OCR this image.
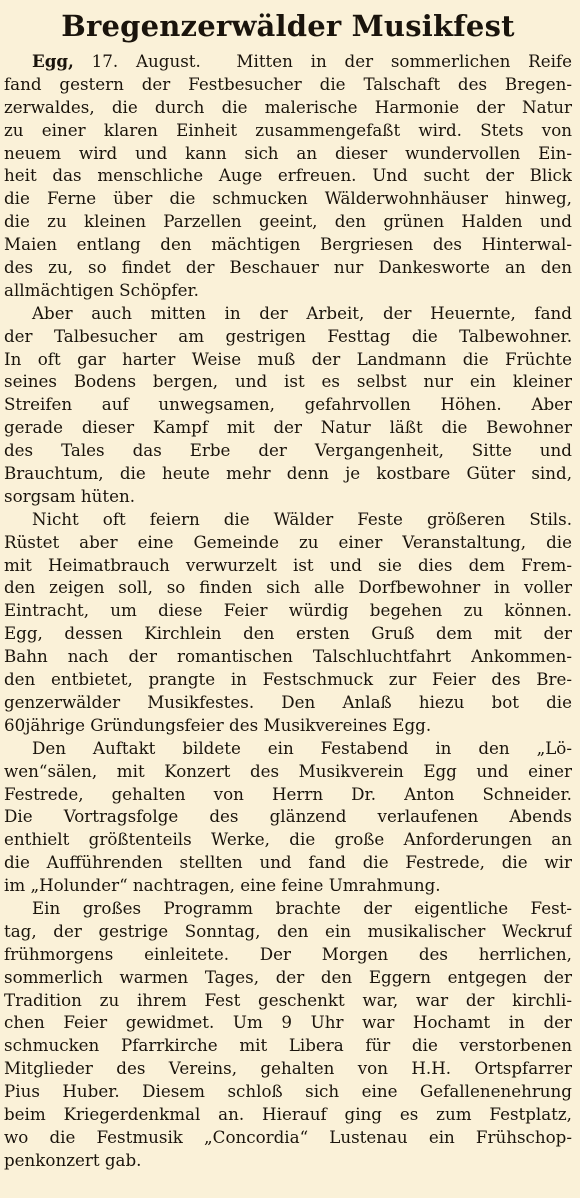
Bregenzerwälder Musikfest
Egg, 17. August. Mitten in der sommerlichen Reife
fand gestern der Festbesucher die Talschaft des Bregen-
zerwaldes, die durch die malerische Harmonie der Natur
zu einer klaren Einheit zusammengefaßt wird. Stets von
neuem wird und kann sich an dieser wundervollen Ein-
heit das menschliche Auge erfreuen. Und sucht der Blick
die Ferne über die schmucken Wälderwohnhäuser hinweg,
die zu kleinen Parzellen geeint, den grünen Halden und
Maien entlang den mächtigen Bergriesen des Hinterwal-
des zu, so findet der Beschauer nur Dankesworte an den
allmächtigen Schöpfer.
Aber auch mitten in der Arbeit, der Heuernte, fand
der Talbesucher am gestrigen Festtag die Talbewohner.
In oft gar harter Weise muß der Landmann die Früchte
seines Bodens bergen, und ist es selbst nur ein kleiner
Streifen auf unwegsamen, gefahrvollen Höhen. Aber
gerade dieser Kampf mit der Natur läßt die Bewohner
des Tales das Erbe der Vergangenheit, Sitte und
Brauchtum, die heute mehr denn je kostbare Güter sind,
sorgsam hüten.
Nicht oft feiern die Wälder Feste größeren Stils.
Rüstet aber eine Gemeinde zu einer Veranstaltung, die
mit Heimatbrauch verwurzelt ist und sie dies dem Frem-
den zeigen soll, so finden sich alle Dorfbewohner in voller
Eintracht, um diese Feier würdig begehen zu können.
Egg, dessen Kirchlein den ersten Gruß dem mit der
Bahn nach der romantischen Talschluchtfahrt Ankommen-
den entbietet, prangte in Festschmuck zur Feier des Bre-
genzerwälder Musikfestes. Den Anlaß hiezu bot die
60jährige Gründungsfeier des Musikvereines Egg.
Den Auftakt bildete ein Festabend in den „Lö-
wen“sälen, mit Konzert des Musikverein Egg und einer
Festrede, gehalten von Herrn Dr. Anton Schneider.
Die Vortragsfolge des glänzend verlaufenen Abends
enthielt größtenteils Werke, die große Anforderungen an
die Aufführenden stellten und fand die Festrede, die wir
im „Holunder“ nachtragen, eine feine Umrahmung.
Ein großes Programm brachte der eigentliche Fest-
tag, der gestrige Sonntag, den ein musikalischer Weckruf
frühmorgens einleitete. Der Morgen des herrlichen,
sommerlich warmen Tages, der den Eggern entgegen der
Tradition zu ihrem Fest geschenkt war, war der kirchli-
chen Feier gewidmet. Um 9 Uhr war Hochamt in der
schmucken Pfarrkirche mit Libera für die verstorbenen
Mitglieder des Vereins, gehalten von H.H. Ortspfarrer
Pius Huber. Diesem schloß sich eine Gefallenenehrung
beim Kriegerdenkmal an. Hierauf ging es zum Festplatz,
wo die Festmusik „Concordia“ Lustenau ein Frühschop-
penkonzert gab.
